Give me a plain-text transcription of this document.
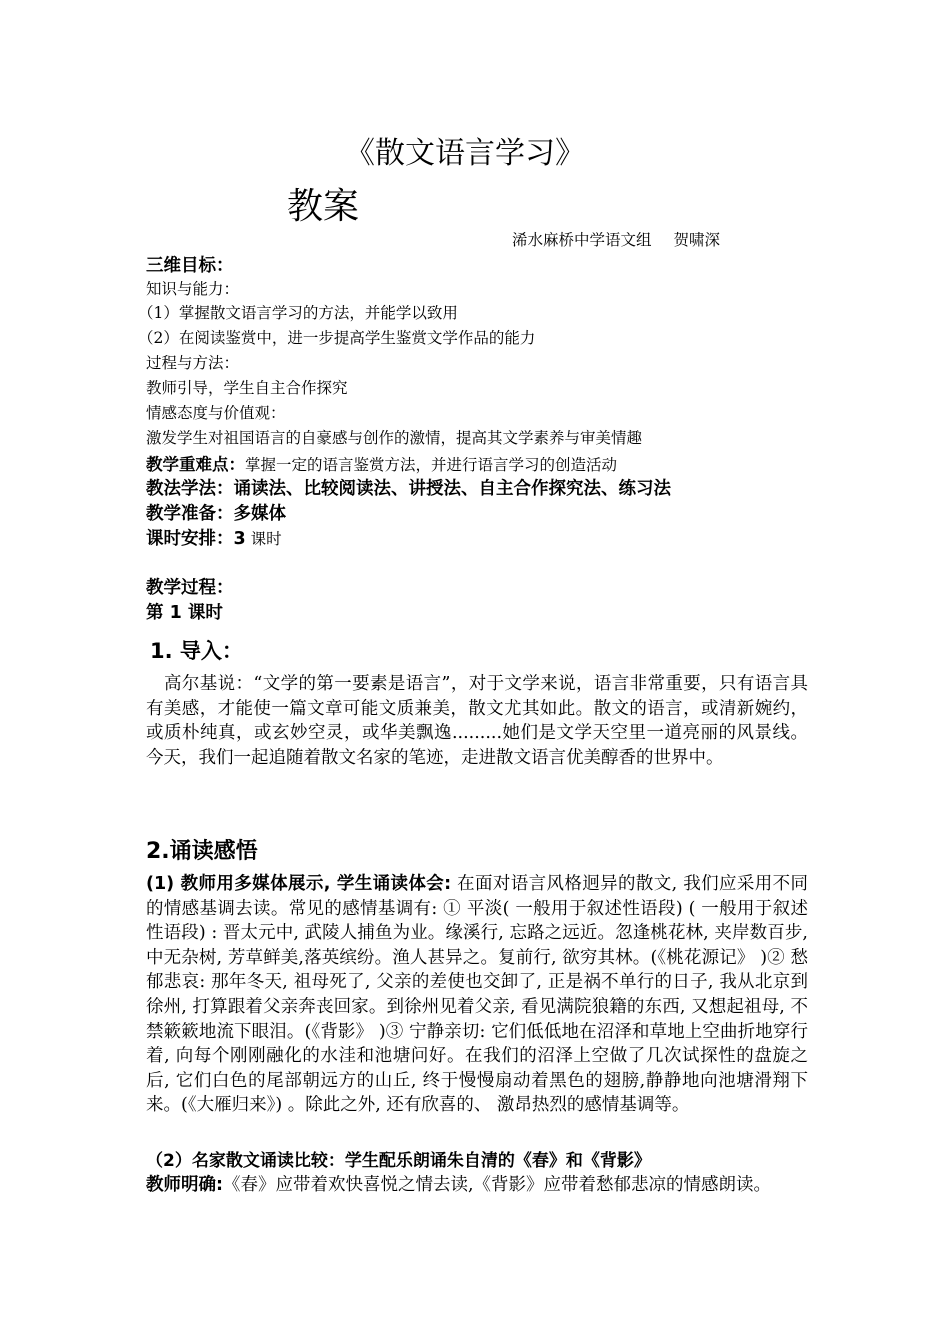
《散文语言学习》
教案
浠水麻桥中学语文组 贺啸深
三维目标：
知识与能力：
（1）掌握散文语言学习的方法，并能学以致用
（2）在阅读鉴赏中，进一步提高学生鉴赏文学作品的能力
过程与方法：
教师引导，学生自主合作探究
情感态度与价值观：
激发学生对祖国语言的自豪感与创作的激情，提高其文学素养与审美情趣
教学重难点：掌握一定的语言鉴赏方法，并进行语言学习的创造活动
教法学法：诵读法、比较阅读法、讲授法、自主合作探究法、练习法
教学准备：多媒体
课时安排：3 课时
教学过程：
第 1 课时
1. 导入：

高尔基说：“文学的第一要素是语言”，对于文学来说，语言非常重要，只有语言具有美感，才能使一篇文章可能文质兼美，散文尤其如此。散文的语言，或清新婉约，或质朴纯真，或玄妙空灵，或华美飘逸.........她们是文学天空里一道亮丽的风景线。今天，我们一起追随着散文名家的笔迹，走进散文语言优美醇香的世界中。

2.诵读感悟

(1) 教师用多媒体展示, 学生诵读体会: 在面对语言风格迥异的散文, 我们应采用不同的情感基调去读。常见的感情基调有: ① 平淡( 一般用于叙述性语段) ( 一般用于叙述性语段) : 晋太元中, 武陵人捕鱼为业。缘溪行, 忘路之远近。忽逢桃花林, 夹岸数百步, 中无杂树, 芳草鲜美,落英缤纷。渔人甚异之。复前行, 欲穷其林。(《桃花源记》 )② 愁郁悲哀: 那年冬天, 祖母死了, 父亲的差使也交卸了, 正是祸不单行的日子, 我从北京到徐州, 打算跟着父亲奔丧回家。到徐州见着父亲, 看见满院狼籍的东西, 又想起祖母, 不禁簌簌地流下眼泪。(《背影》 )③ 宁静亲切: 它们低低地在沼泽和草地上空曲折地穿行着, 向每个刚刚融化的水洼和池塘问好。在我们的沼泽上空做了几次试探性的盘旋之后, 它们白色的尾部朝远方的山丘, 终于慢慢扇动着黑色的翅膀,静静地向池塘滑翔下来。(《大雁归来》) 。除此之外, 还有欣喜的、 激昂热烈的感情基调等。

（2）名家散文诵读比较：学生配乐朗诵朱自清的《春》和《背影》
教师明确:《春》应带着欢快喜悦之情去读,《背影》应带着愁郁悲凉的情感朗读。
